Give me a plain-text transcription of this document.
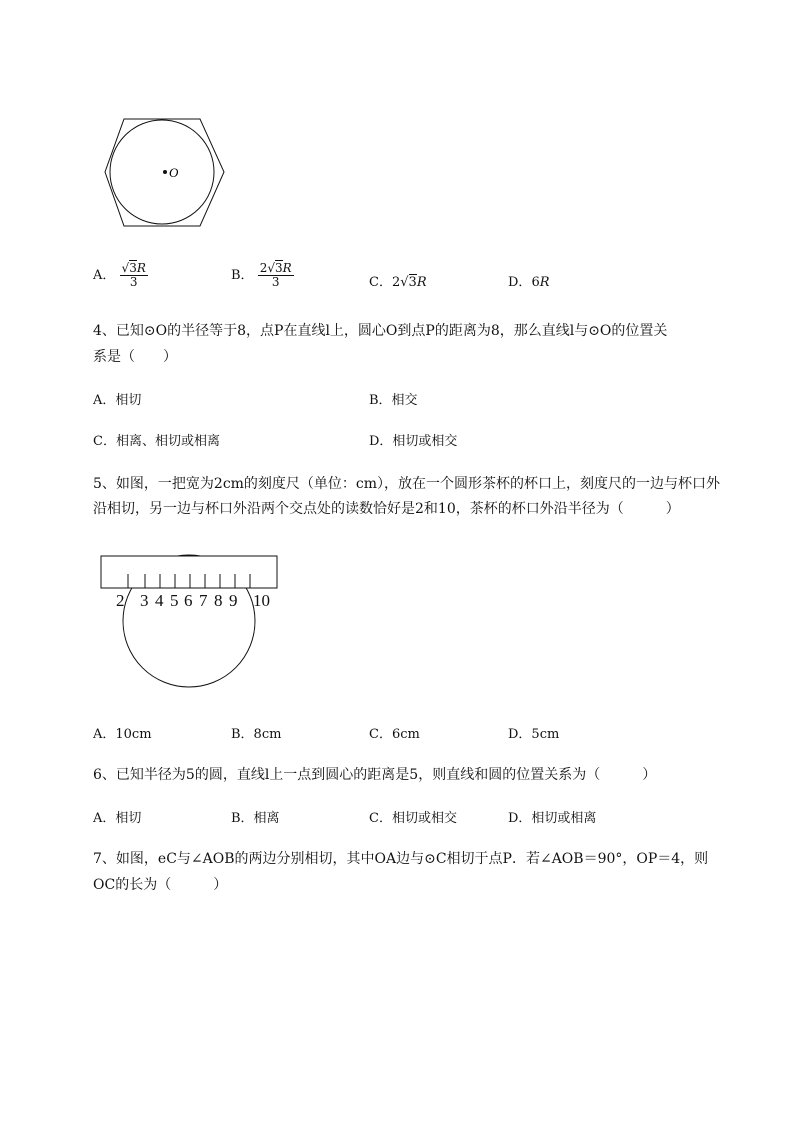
O
A． $\frac{√3R}{3}$	B． $\frac{2√3R}{3}$	C．2√3R	D．6R
4、已知⊙O的半径等于8，点P在直线l上，圆心O到点P的距离为8，那么直线l与⊙O的位置关
系是（　　）
A．相切	B．相交
C．相离、相切或相离	D．相切或相交
5、如图，一把宽为2cm的刻度尺（单位：cm），放在一个圆形茶杯的杯口上，刻度尺的一边与杯口外
沿相切，另一边与杯口外沿两个交点处的读数恰好是2和10，茶杯的杯口外沿半径为（　　　）
2 3 4 5 6 7 8 9 10
A．10cm	B．8cm	C．6cm	D．5cm
6、已知半径为5的圆，直线l上一点到圆心的距离是5，则直线和圆的位置关系为（　　　）
A．相切	B．相离	C．相切或相交	D．相切或相离
7、如图，eC与∠AOB的两边分别相切，其中OA边与⊙C相切于点P．若∠AOB＝90°，OP＝4，则
OC的长为（　　　）
